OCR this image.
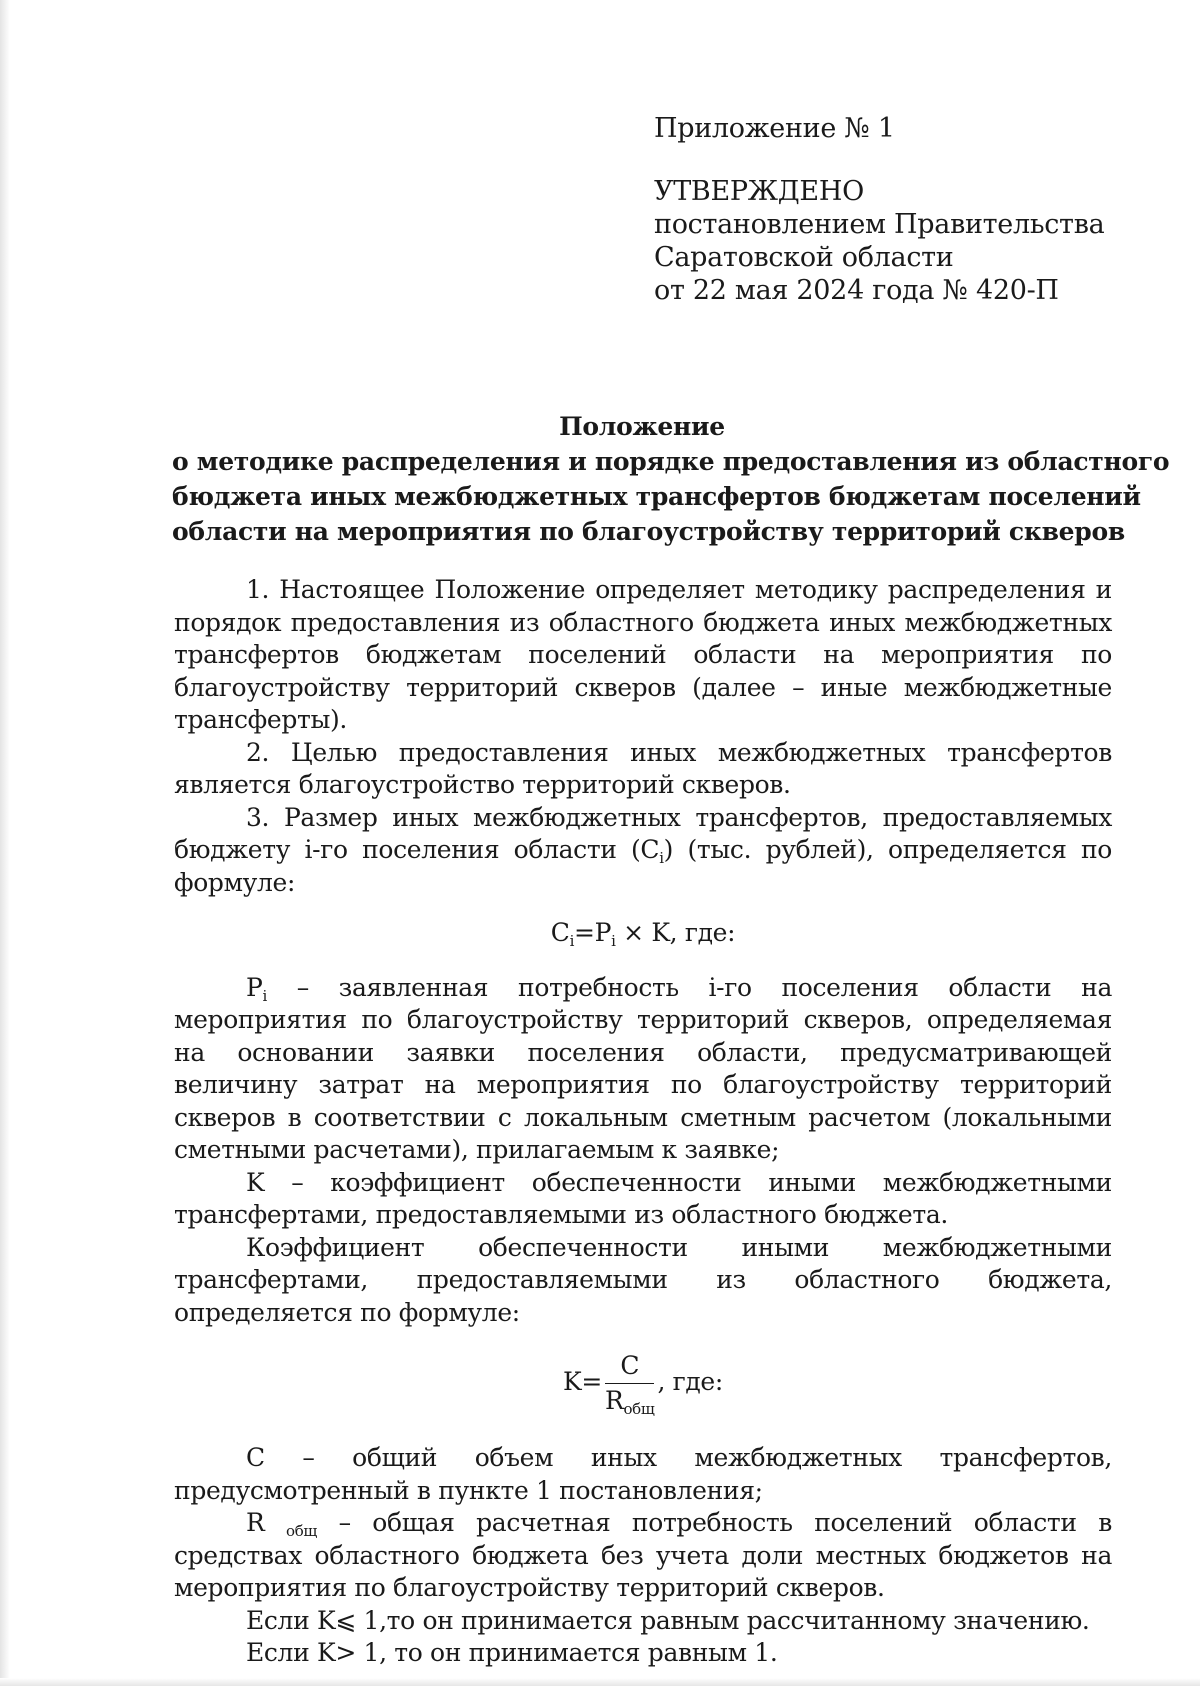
Приложение № 1
УТВЕРЖДЕНО
постановлением Правительства
Саратовской области
от 22 мая 2024 года № 420-П
Положение
о методике распределения и порядке предоставления из областного
бюджета иных межбюджетных трансфертов бюджетам поселений
области на мероприятия по благоустройству территорий скверов

1. Настоящее Положение определяет методику распределения и порядок предоставления из областного бюджета иных межбюджетных трансфертов бюджетам поселений области на мероприятия по благоустройству территорий скверов (далее – иные межбюджетные трансферты).

2. Целью предоставления иных межбюджетных трансфертов является благоустройство территорий скверов.

3. Размер иных межбюджетных трансфертов, предоставляемых бюджету i-го поселения области $(C_i)$ (тыс. рублей), определяется по формуле:

$C_i=P_i \times K$, где:

$P_i$ – заявленная потребность i-го поселения области на мероприятия по благоустройству территорий скверов, определяемая на основании заявки поселения области, предусматривающей величину затрат на мероприятия по благоустройству территорий скверов в соответствии с локальным сметным расчетом (локальными сметными расчетами), прилагаемым к заявке;

K – коэффициент обеспеченности иными межбюджетными трансфертами, предоставляемыми из областного бюджета.

Коэффициент обеспеченности иными межбюджетными трансфертами, предоставляемыми из областного бюджета, определяется по формуле:

$K= \frac{C}{R_{общ}}$ , где:

C – общий объем иных межбюджетных трансфертов, предусмотренный в пункте 1 постановления;

R $_{общ}$ – общая расчетная потребность поселений области в средствах областного бюджета без учета доли местных бюджетов на мероприятия по благоустройству территорий скверов.

Если K⩽ 1,то он принимается равным рассчитанному значению.

Если K> 1, то он принимается равным 1.
